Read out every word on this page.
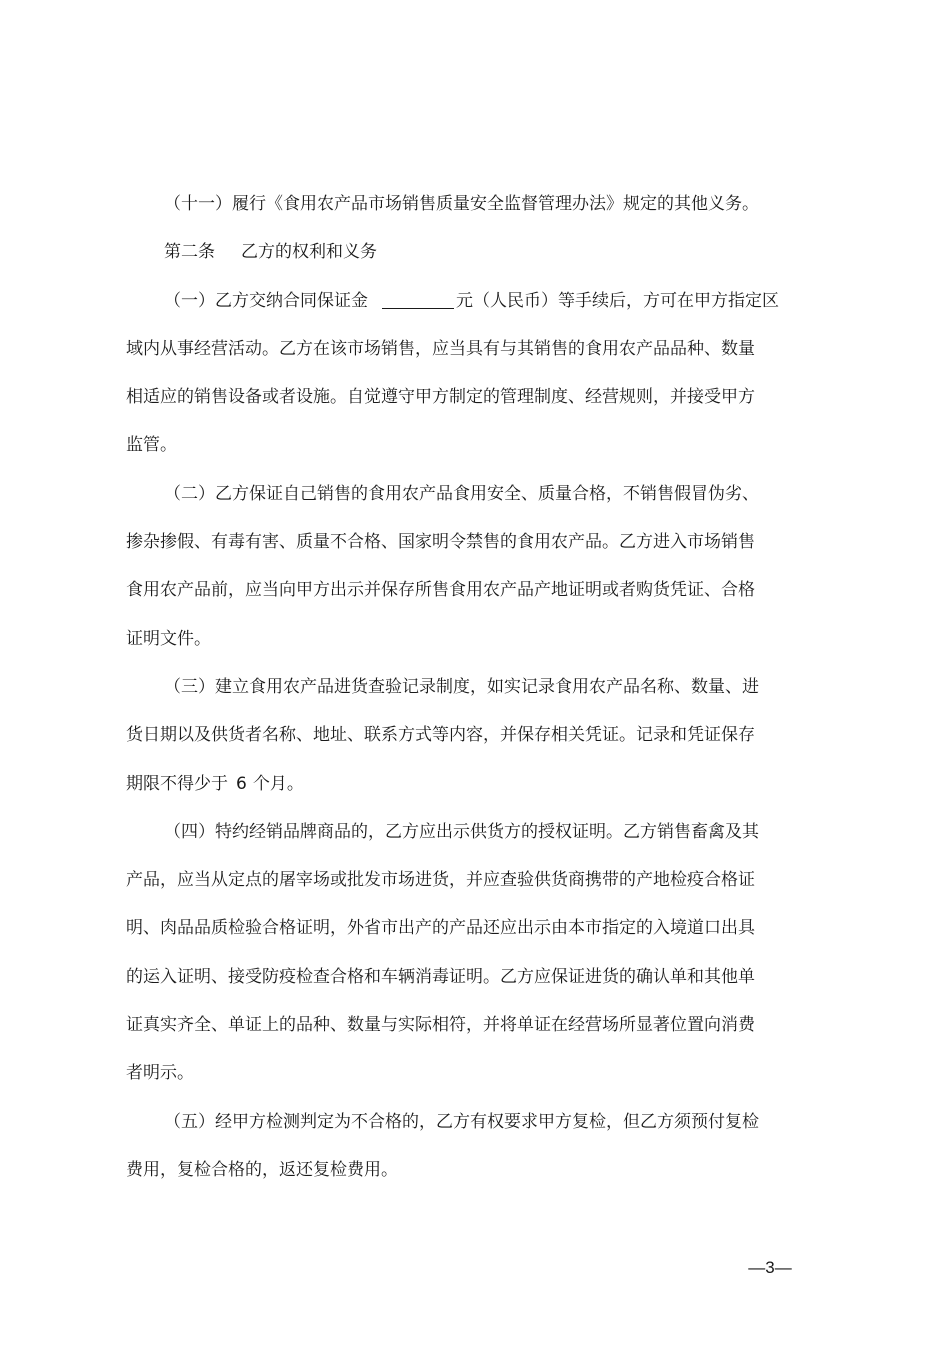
（十一）履行《食用农产品市场销售质量安全监督管理办法》规定的其他义务。
第二条 乙方的权利和义务
（一）乙方交纳合同保证金	元（人民币）等手续后，方可在甲方指定区
域内从事经营活动。乙方在该市场销售，应当具有与其销售的食用农产品品种、数量
相适应的销售设备或者设施。自觉遵守甲方制定的管理制度、经营规则，并接受甲方
监管。
（二）乙方保证自己销售的食用农产品食用安全、质量合格，不销售假冒伪劣、
掺杂掺假、有毒有害、质量不合格、国家明令禁售的食用农产品。乙方进入市场销售
食用农产品前，应当向甲方出示并保存所售食用农产品产地证明或者购货凭证、合格
证明文件。
（三）建立食用农产品进货查验记录制度，如实记录食用农产品名称、数量、进
货日期以及供货者名称、地址、联系方式等内容，并保存相关凭证。记录和凭证保存
期限不得少于 6 个月。
（四）特约经销品牌商品的，乙方应出示供货方的授权证明。乙方销售畜禽及其
产品，应当从定点的屠宰场或批发市场进货，并应查验供货商携带的产地检疫合格证
明、肉品品质检验合格证明，外省市出产的产品还应出示由本市指定的入境道口出具
的运入证明、接受防疫检查合格和车辆消毒证明。乙方应保证进货的确认单和其他单
证真实齐全、单证上的品种、数量与实际相符，并将单证在经营场所显著位置向消费
者明示。
（五）经甲方检测判定为不合格的，乙方有权要求甲方复检，但乙方须预付复检
费用，复检合格的，返还复检费用。
—3—
